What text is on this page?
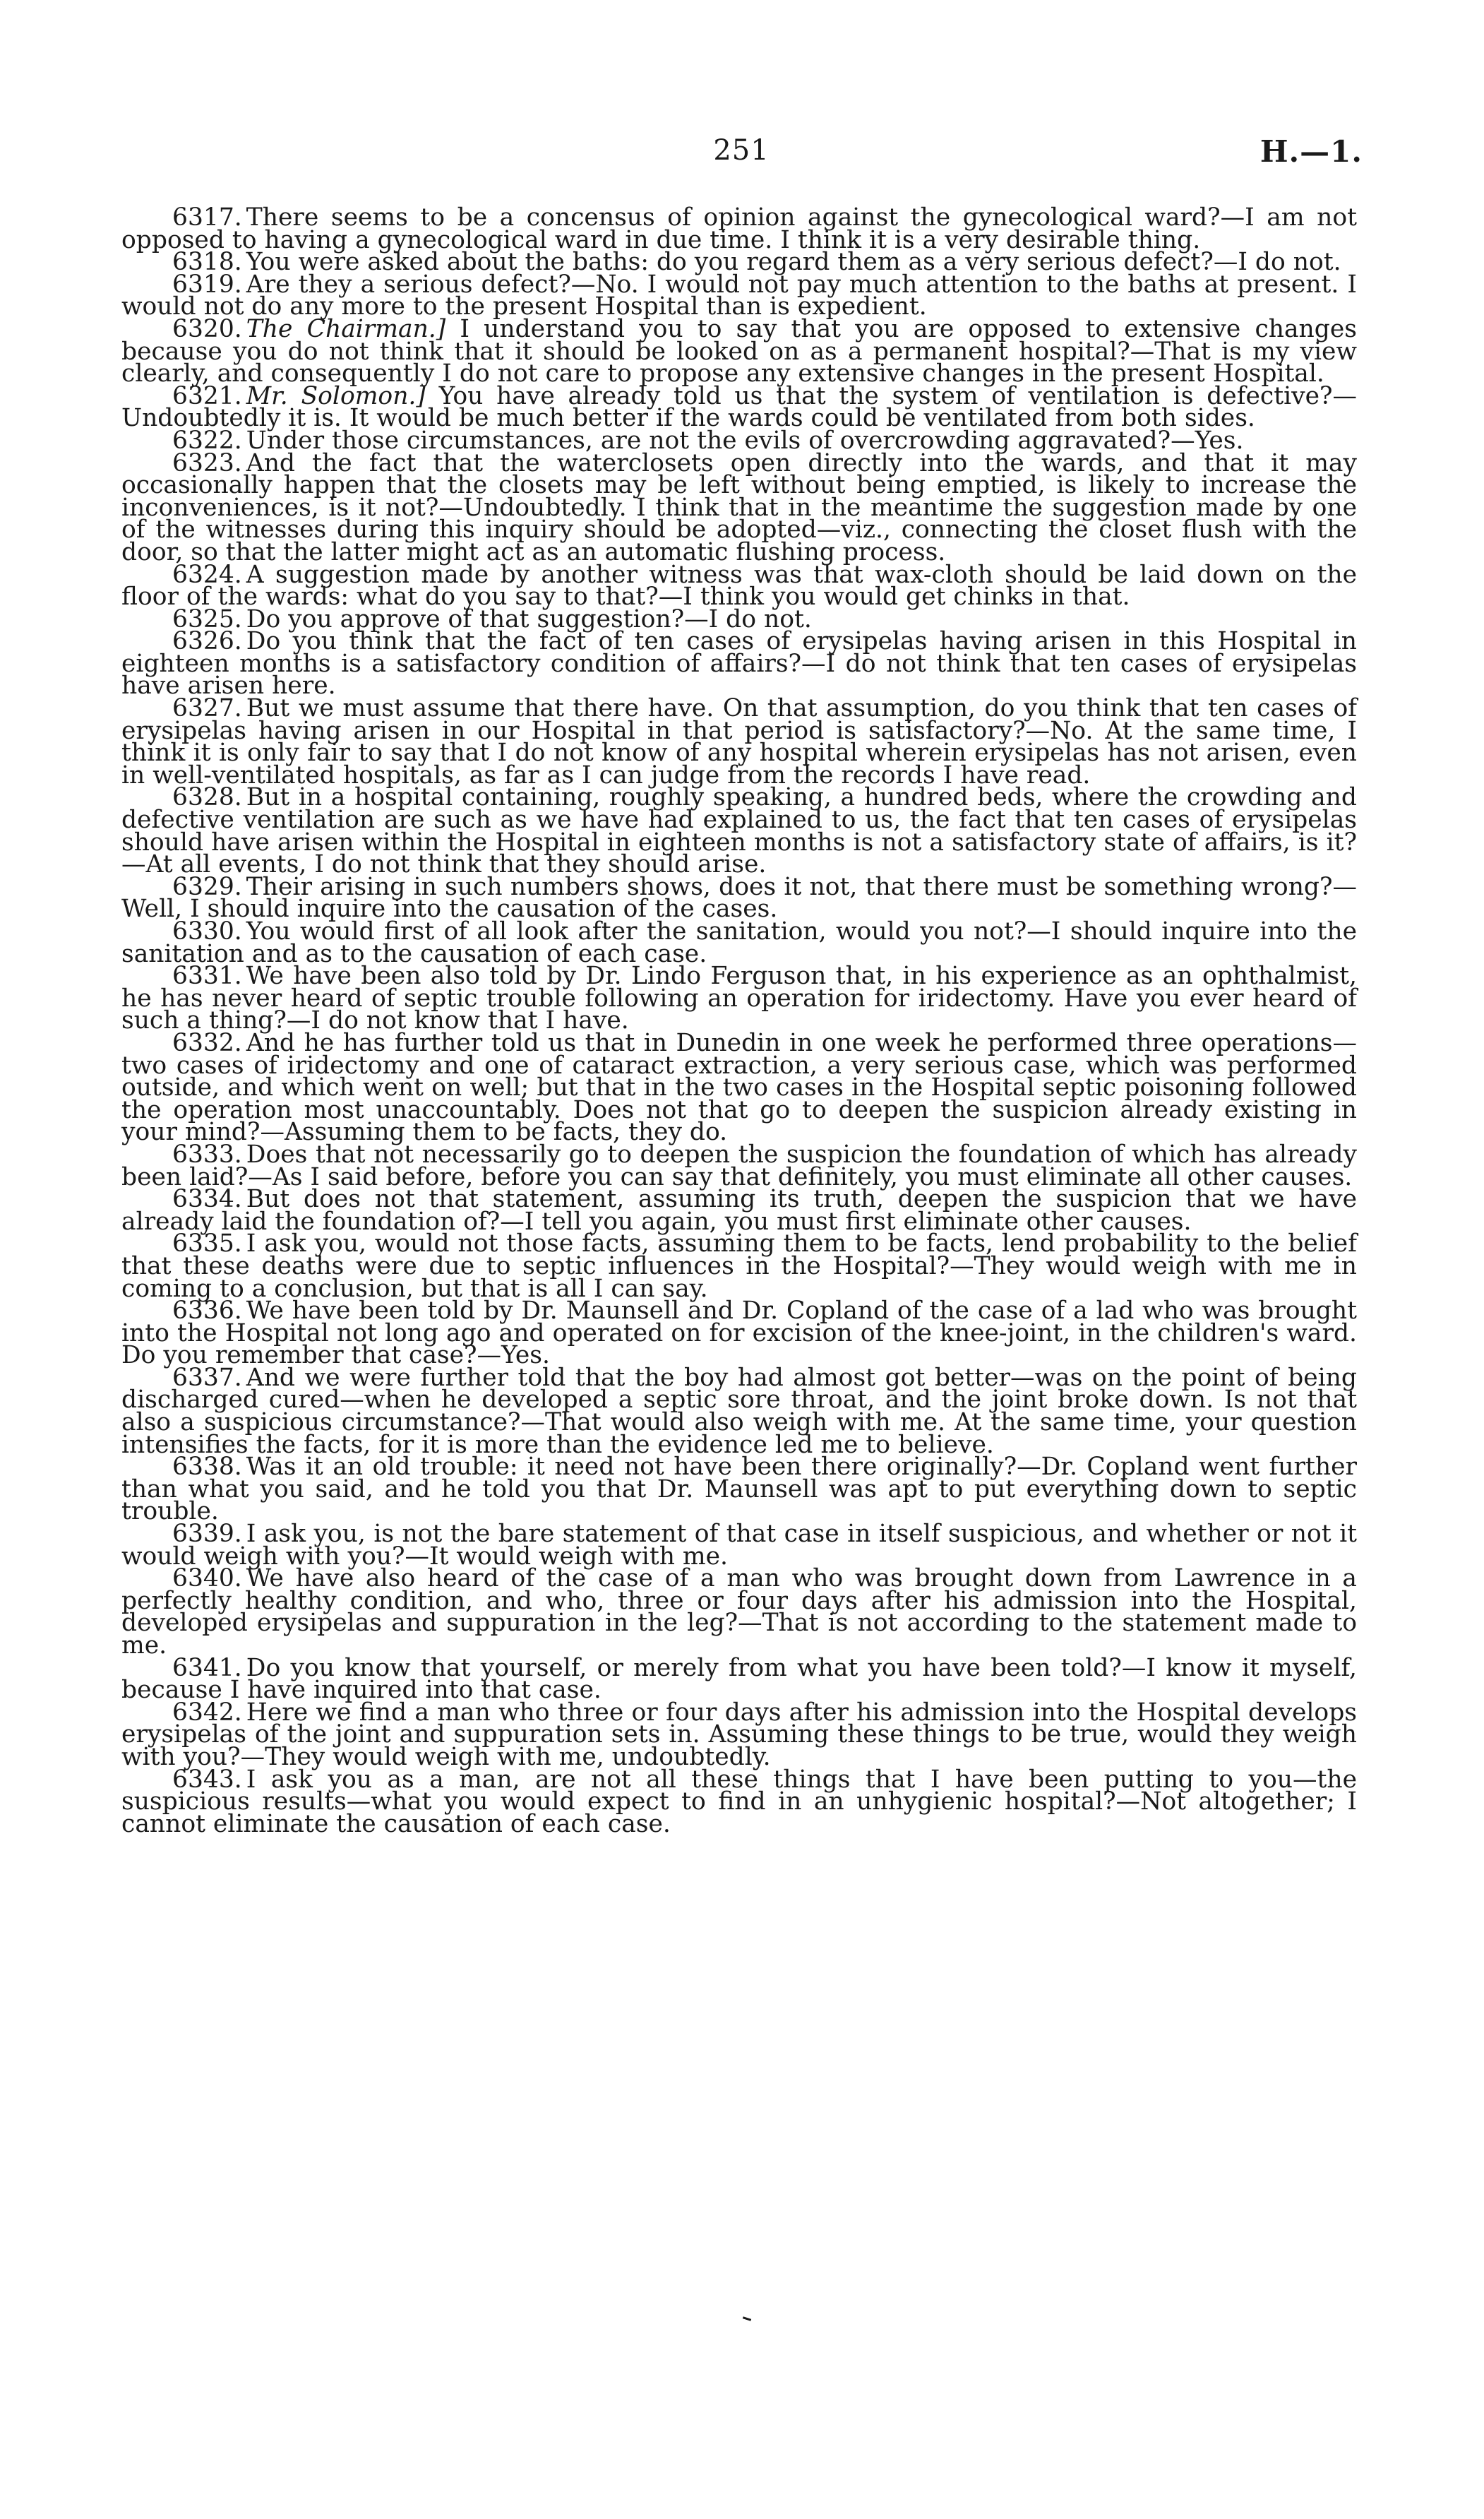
251	H.—1.

6317. There seems to be a concensus of opinion against the gynecological ward?—I am not opposed to having a gynecological ward in due time. I think it is a very desirable thing.

6318. You were asked about the baths: do you regard them as a very serious defect?—I do not.

6319. Are they a serious defect?—No. I would not pay much attention to the baths at present. I would not do any more to the present Hospital than is expedient.

6320. The Chairman.] I understand you to say that you are opposed to extensive changes because you do not think that it should be looked on as a permanent hospital?—That is my view clearly, and consequently I do not care to propose any extensive changes in the present Hospital.

6321. Mr. Solomon.] You have already told us that the system of ventilation is defective?—Undoubtedly it is. It would be much better if the wards could be ventilated from both sides.

6322. Under those circumstances, are not the evils of overcrowding aggravated?—Yes.

6323. And the fact that the waterclosets open directly into the wards, and that it may occasionally happen that the closets may be left without being emptied, is likely to increase the inconveniences, is it not?—Undoubtedly. I think that in the meantime the suggestion made by one of the witnesses during this inquiry should be adopted—viz., connecting the closet flush with the door, so that the latter might act as an automatic flushing process.

6324. A suggestion made by another witness was that wax-cloth should be laid down on the floor of the wards: what do you say to that?—I think you would get chinks in that.

6325. Do you approve of that suggestion?—I do not.

6326. Do you think that the fact of ten cases of erysipelas having arisen in this Hospital in eighteen months is a satisfactory condition of affairs?—I do not think that ten cases of erysipelas have arisen here.

6327. But we must assume that there have. On that assumption, do you think that ten cases of erysipelas having arisen in our Hospital in that period is satisfactory?—No. At the same time, I think it is only fair to say that I do not know of any hospital wherein erysipelas has not arisen, even in well-ventilated hospitals, as far as I can judge from the records I have read.

6328. But in a hospital containing, roughly speaking, a hundred beds, where the crowding and defective ventilation are such as we have had explained to us, the fact that ten cases of erysipelas should have arisen within the Hospital in eighteen months is not a satisfactory state of affairs, is it?—At all events, I do not think that they should arise.

6329. Their arising in such numbers shows, does it not, that there must be something wrong?—Well, I should inquire into the causation of the cases.

6330. You would first of all look after the sanitation, would you not?—I should inquire into the sanitation and as to the causation of each case.

6331. We have been also told by Dr. Lindo Ferguson that, in his experience as an ophthalmist, he has never heard of septic trouble following an operation for iridectomy. Have you ever heard of such a thing?—I do not know that I have.

6332. And he has further told us that in Dunedin in one week he performed three operations—two cases of iridectomy and one of cataract extraction, a very serious case, which was performed outside, and which went on well; but that in the two cases in the Hospital septic poisoning followed the operation most unaccountably. Does not that go to deepen the suspicion already existing in your mind?—Assuming them to be facts, they do.

6333. Does that not necessarily go to deepen the suspicion the foundation of which has already been laid?—As I said before, before you can say that definitely, you must eliminate all other causes.

6334. But does not that statement, assuming its truth, deepen the suspicion that we have already laid the foundation of?—I tell you again, you must first eliminate other causes.

6335. I ask you, would not those facts, assuming them to be facts, lend probability to the belief that these deaths were due to septic influences in the Hospital?—They would weigh with me in coming to a conclusion, but that is all I can say.

6336. We have been told by Dr. Maunsell and Dr. Copland of the case of a lad who was brought into the Hospital not long ago and operated on for excision of the knee-joint, in the children's ward. Do you remember that case?—Yes.

6337. And we were further told that the boy had almost got better—was on the point of being discharged cured—when he developed a septic sore throat, and the joint broke down. Is not that also a suspicious circumstance?—That would also weigh with me. At the same time, your question intensifies the facts, for it is more than the evidence led me to believe.

6338. Was it an old trouble: it need not have been there originally?—Dr. Copland went further than what you said, and he told you that Dr. Maunsell was apt to put everything down to septic trouble.

6339. I ask you, is not the bare statement of that case in itself suspicious, and whether or not it would weigh with you?—It would weigh with me.

6340. We have also heard of the case of a man who was brought down from Lawrence in a perfectly healthy condition, and who, three or four days after his admission into the Hospital, developed erysipelas and suppuration in the leg?—That is not according to the statement made to me.

6341. Do you know that yourself, or merely from what you have been told?—I know it myself, because I have inquired into that case.

6342. Here we find a man who three or four days after his admission into the Hospital develops erysipelas of the joint and suppuration sets in. Assuming these things to be true, would they weigh with you?—They would weigh with me, undoubtedly.

6343. I ask you as a man, are not all these things that I have been putting to you—the suspicious results—what you would expect to find in an unhygienic hospital?—Not altogether; I cannot eliminate the causation of each case.
